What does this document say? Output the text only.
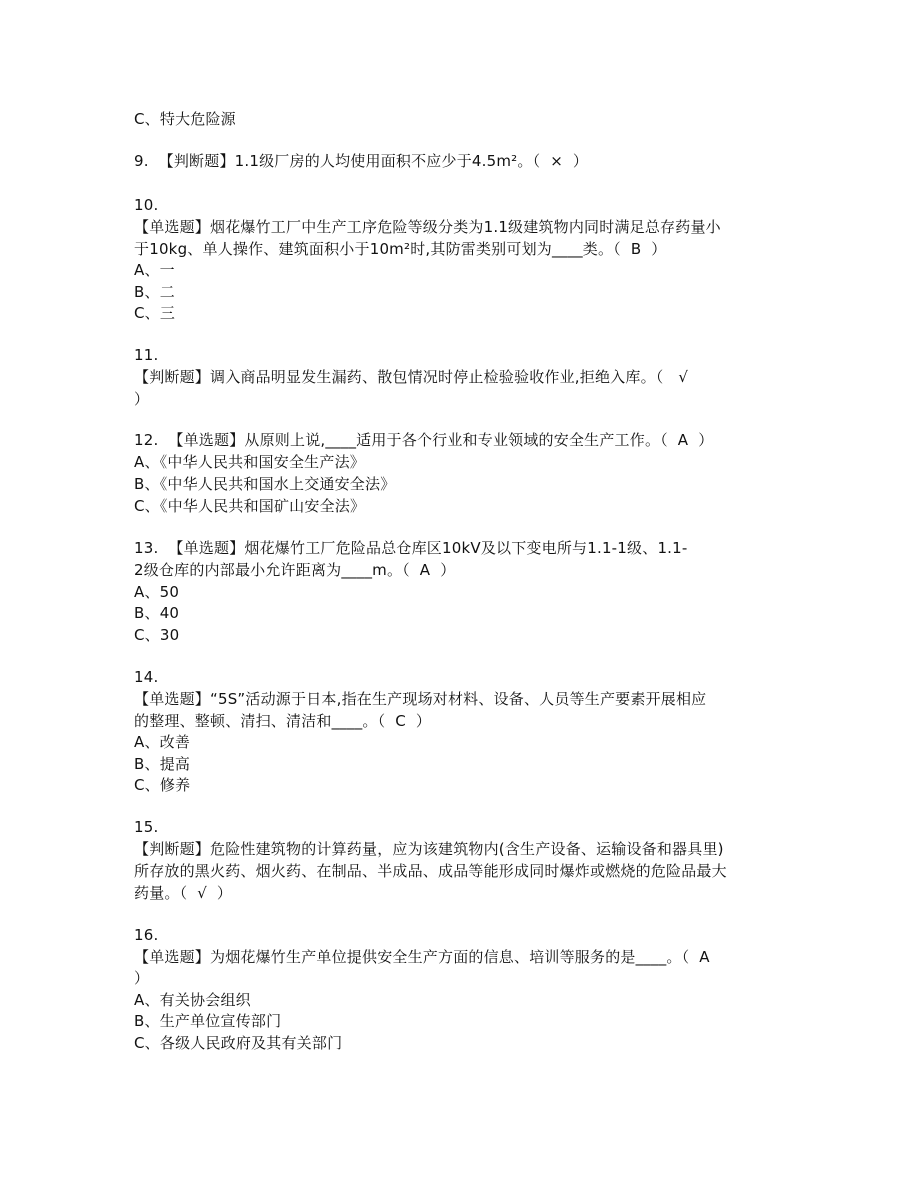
C、特大危险源
9.  【判断题】1.1级厂房的人均使用面积不应少于4.5m²。（  ×  ）
10.
【单选题】烟花爆竹工厂中生产工序危险等级分类为1.1级建筑物内同时满足总存药量小
于10kg、单人操作、建筑面积小于10m²时,其防雷类别可划为____类。（  B  ）
A、一
B、二
C、三
11.
【判断题】调入商品明显发生漏药、散包情况时停止检验验收作业,拒绝入库。（   √
）
12.  【单选题】从原则上说,____适用于各个行业和专业领域的安全生产工作。（  A  ）
A、《中华人民共和国安全生产法》
B、《中华人民共和国水上交通安全法》
C、《中华人民共和国矿山安全法》
13.  【单选题】烟花爆竹工厂危险品总仓库区10kV及以下变电所与1.1-1级、1.1-
2级仓库的内部最小允许距离为____m。（  A  ）
A、50
B、40
C、30
14.
【单选题】“5S”活动源于日本,指在生产现场对材料、设备、人员等生产要素开展相应
的整理、整顿、清扫、清洁和____。（  C  ）
A、改善
B、提高
C、修养
15.
【判断题】危险性建筑物的计算药量，应为该建筑物内(含生产设备、运输设备和器具里)
所存放的黑火药、烟火药、在制品、半成品、成品等能形成同时爆炸或燃烧的危险品最大
药量。（  √  ）
16.
【单选题】为烟花爆竹生产单位提供安全生产方面的信息、培训等服务的是____。（  A
）
A、有关协会组织
B、生产单位宣传部门
C、各级人民政府及其有关部门
